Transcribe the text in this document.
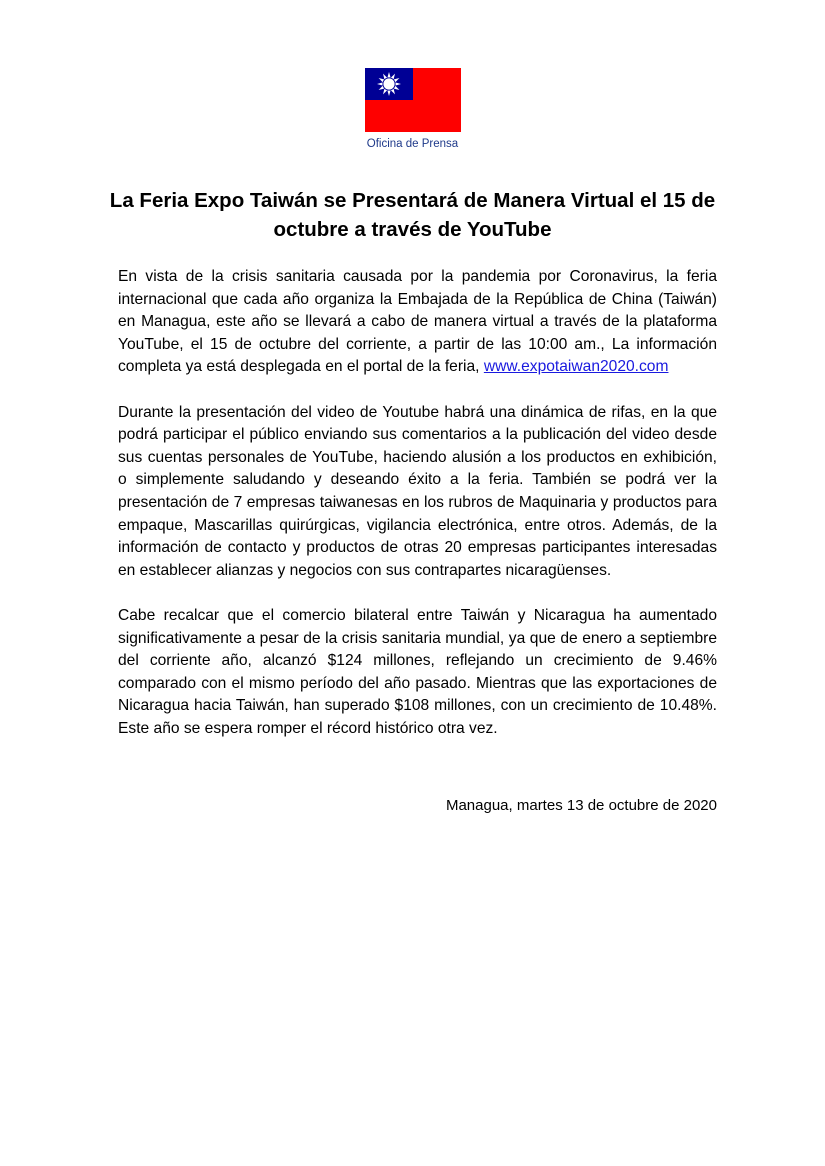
Oficina de Prensa
La Feria Expo Taiwán se Presentará de Manera Virtual el 15 de octubre a través de YouTube

En vista de la crisis sanitaria causada por la pandemia por Coronavirus, la feria internacional que cada año organiza la Embajada de la República de China (Taiwán) en Managua, este año se llevará a cabo de manera virtual a través de la plataforma YouTube, el 15 de octubre del corriente, a partir de las 10:00 am., La información completa ya está desplegada en el portal de la feria, www.expotaiwan2020.com

Durante la presentación del video de Youtube habrá una dinámica de rifas, en la que podrá participar el público enviando sus comentarios a la publicación del video desde sus cuentas personales de YouTube, haciendo alusión a los productos en exhibición, o simplemente saludando y deseando éxito a la feria. También se podrá ver la presentación de 7 empresas taiwanesas en los rubros de Maquinaria y productos para empaque, Mascarillas quirúrgicas, vigilancia electrónica, entre otros. Además, de la información de contacto y productos de otras 20 empresas participantes interesadas en establecer alianzas y negocios con sus contrapartes nicaragüenses.

Cabe recalcar que el comercio bilateral entre Taiwán y Nicaragua ha aumentado significativamente a pesar de la crisis sanitaria mundial, ya que de enero a septiembre del corriente año, alcanzó $124 millones, reflejando un crecimiento de 9.46% comparado con el mismo período del año pasado. Mientras que las exportaciones de Nicaragua hacia Taiwán, han superado $108 millones, con un crecimiento de 10.48%. Este año se espera romper el récord histórico otra vez.

Managua, martes 13 de octubre de 2020
